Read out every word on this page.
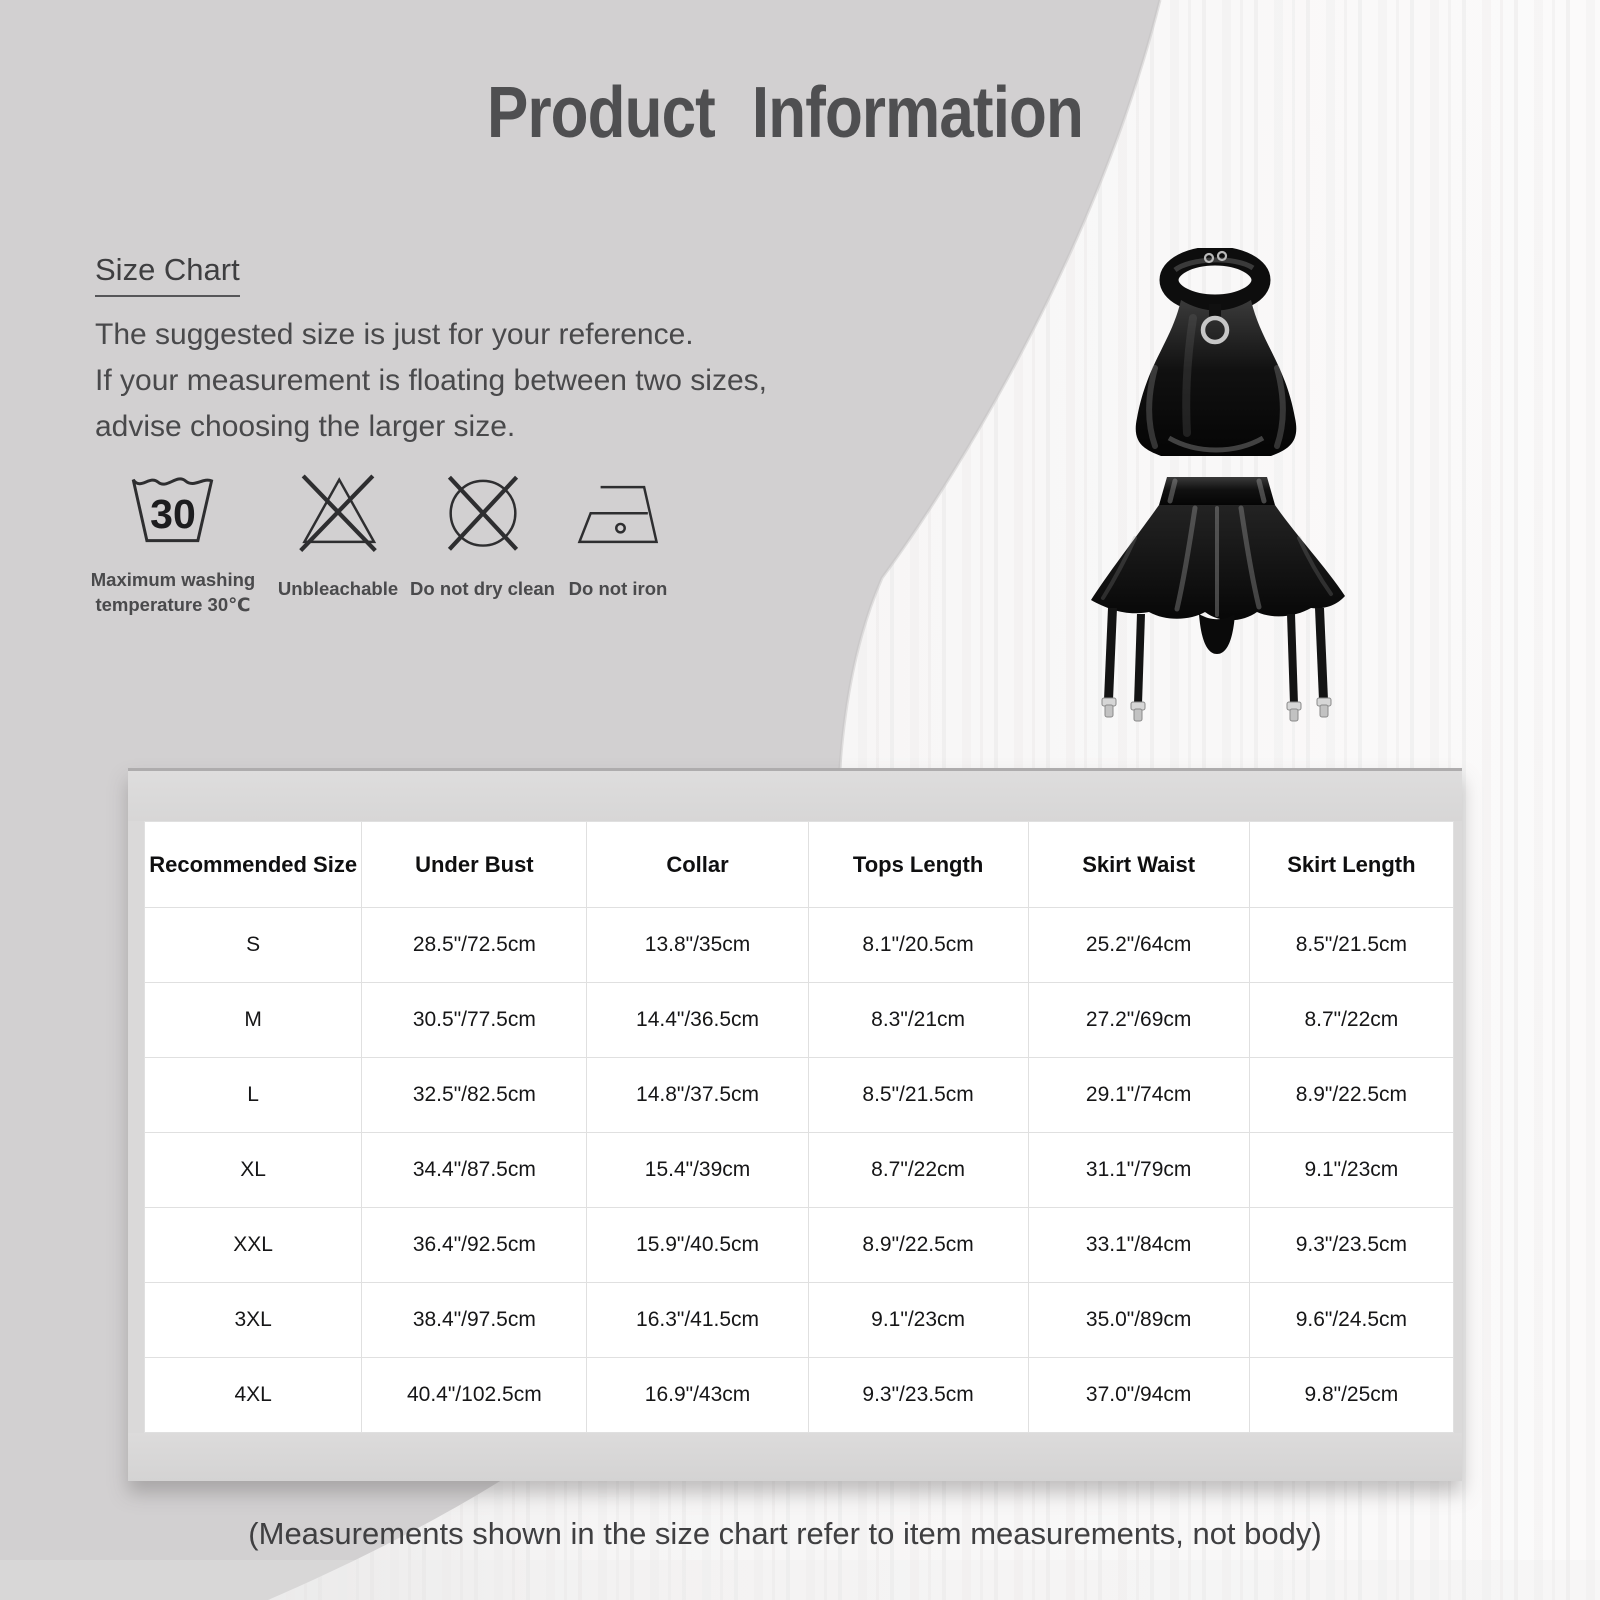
Product Information
Size Chart

The suggested size is just for your reference.

If your measurement is floating between two sizes,

advise choosing the larger size.

30
Maximum washing
temperature 30℃
Unbleachable Do not dry clean Do not iron
Recommended Size	Under Bust	Collar	Tops Length	Skirt Waist	Skirt Length
S	28.5"/72.5cm	13.8"/35cm	8.1"/20.5cm	25.2"/64cm	8.5"/21.5cm
M	30.5"/77.5cm	14.4"/36.5cm	8.3"/21cm	27.2"/69cm	8.7"/22cm
L	32.5"/82.5cm	14.8"/37.5cm	8.5"/21.5cm	29.1"/74cm	8.9"/22.5cm
XL	34.4"/87.5cm	15.4"/39cm	8.7"/22cm	31.1"/79cm	9.1"/23cm
XXL	36.4"/92.5cm	15.9"/40.5cm	8.9"/22.5cm	33.1"/84cm	9.3"/23.5cm
3XL	38.4"/97.5cm	16.3"/41.5cm	9.1"/23cm	35.0"/89cm	9.6"/24.5cm
4XL	40.4"/102.5cm	16.9"/43cm	9.3"/23.5cm	37.0"/94cm	9.8"/25cm

(Measurements shown in the size chart refer to item measurements, not body)
